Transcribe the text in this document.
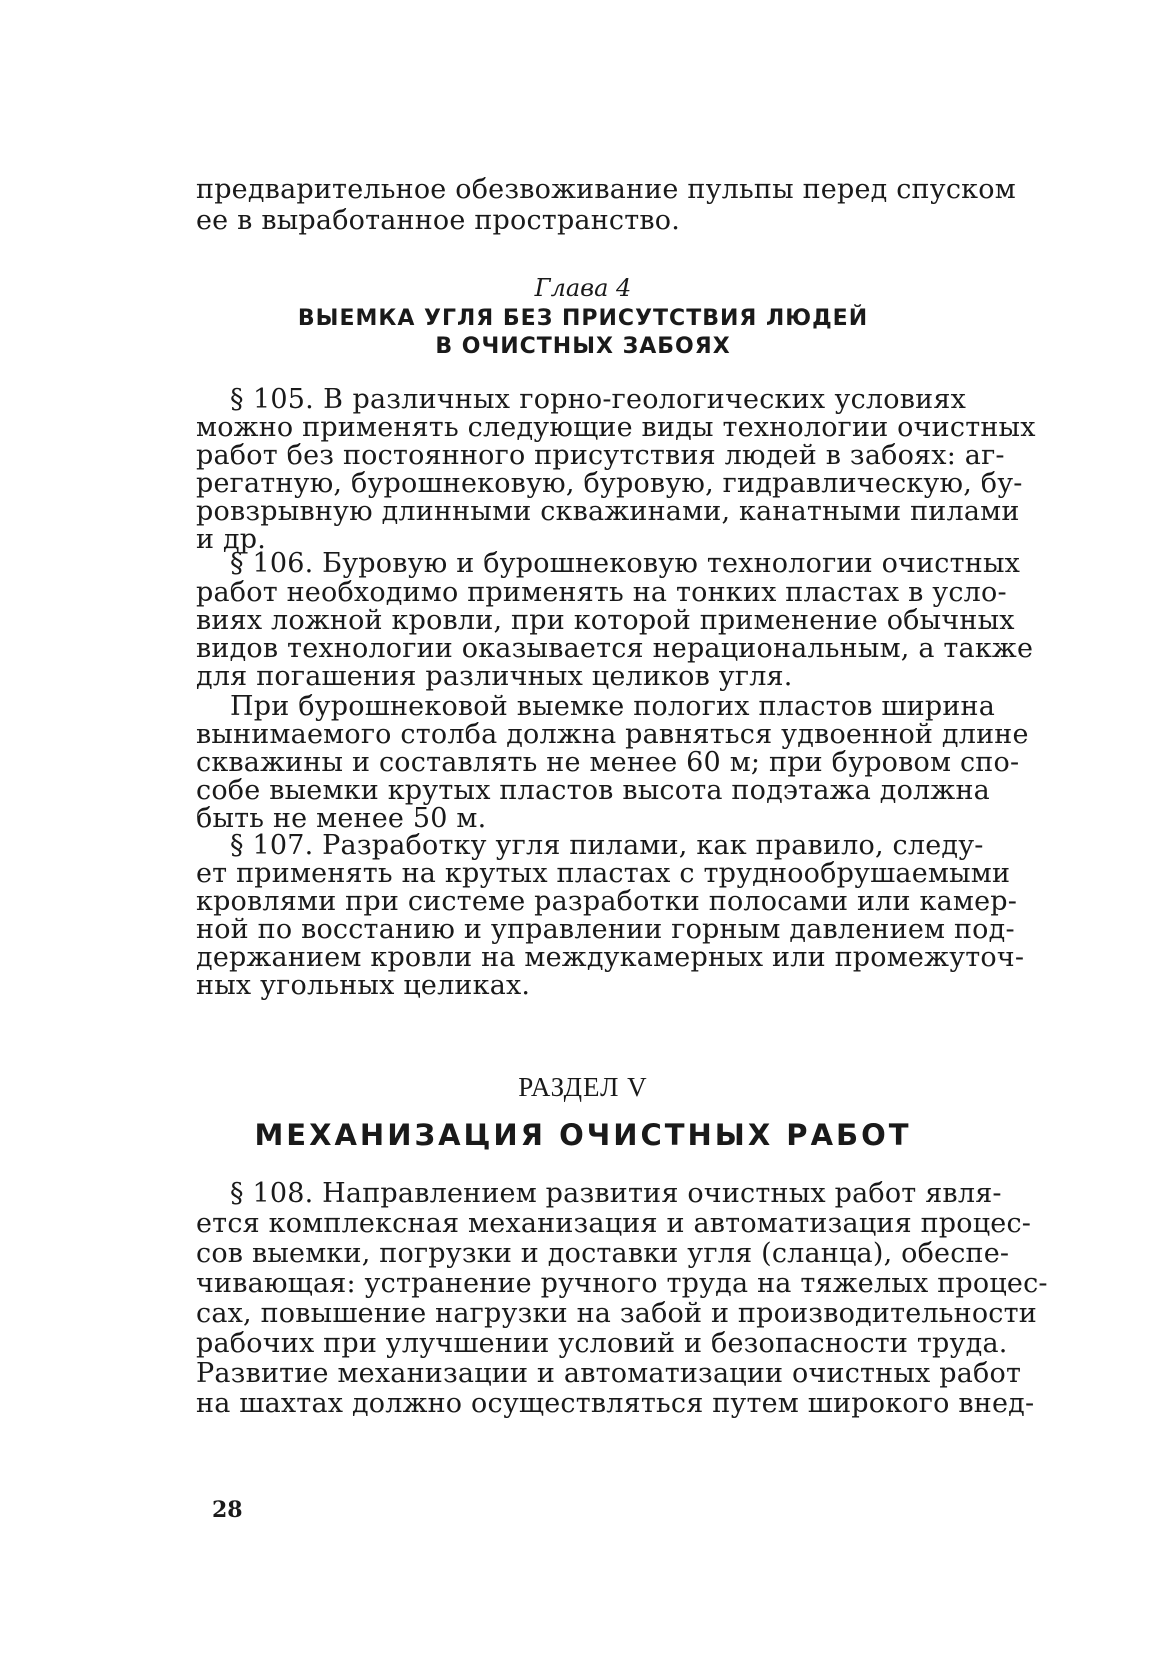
предварительное обезвоживание пульпы перед спуском
ее в выработанное пространство.
Глава 4
ВЫЕМКА УГЛЯ БЕЗ ПРИСУТСТВИЯ ЛЮДЕЙ
В ОЧИСТНЫХ ЗАБОЯХ
§ 105. В различных горно-геологических условиях
можно применять следующие виды технологии очистных
работ без постоянного присутствия людей в забоях: аг-
регатную, бурошнековую, буровую, гидравлическую, бу-
ровзрывную длинными скважинами, канатными пилами
и др.
§ 106. Буровую и бурошнековую технологии очистных
работ необходимо применять на тонких пластах в усло-
виях ложной кровли, при которой применение обычных
видов технологии оказывается нерациональным, а также
для погашения различных целиков угля.
При бурошнековой выемке пологих пластов ширина
вынимаемого столба должна равняться удвоенной длине
скважины и составлять не менее 60 м; при буровом спо-
собе выемки крутых пластов высота подэтажа должна
быть не менее 50 м.
§ 107. Разработку угля пилами, как правило, следу-
ет применять на крутых пластах с труднообрушаемыми
кровлями при системе разработки полосами или камер-
ной по восстанию и управлении горным давлением под-
держанием кровли на междукамерных или промежуточ-
ных угольных целиках.
РАЗДЕЛ V
МЕХАНИЗАЦИЯ ОЧИСТНЫХ РАБОТ
§ 108. Направлением развития очистных работ явля-
ется комплексная механизация и автоматизация процес-
сов выемки, погрузки и доставки угля (сланца), обеспе-
чивающая: устранение ручного труда на тяжелых процес-
сах, повышение нагрузки на забой и производительности
рабочих при улучшении условий и безопасности труда.
Развитие механизации и автоматизации очистных работ
на шахтах должно осуществляться путем широкого внед-
28
